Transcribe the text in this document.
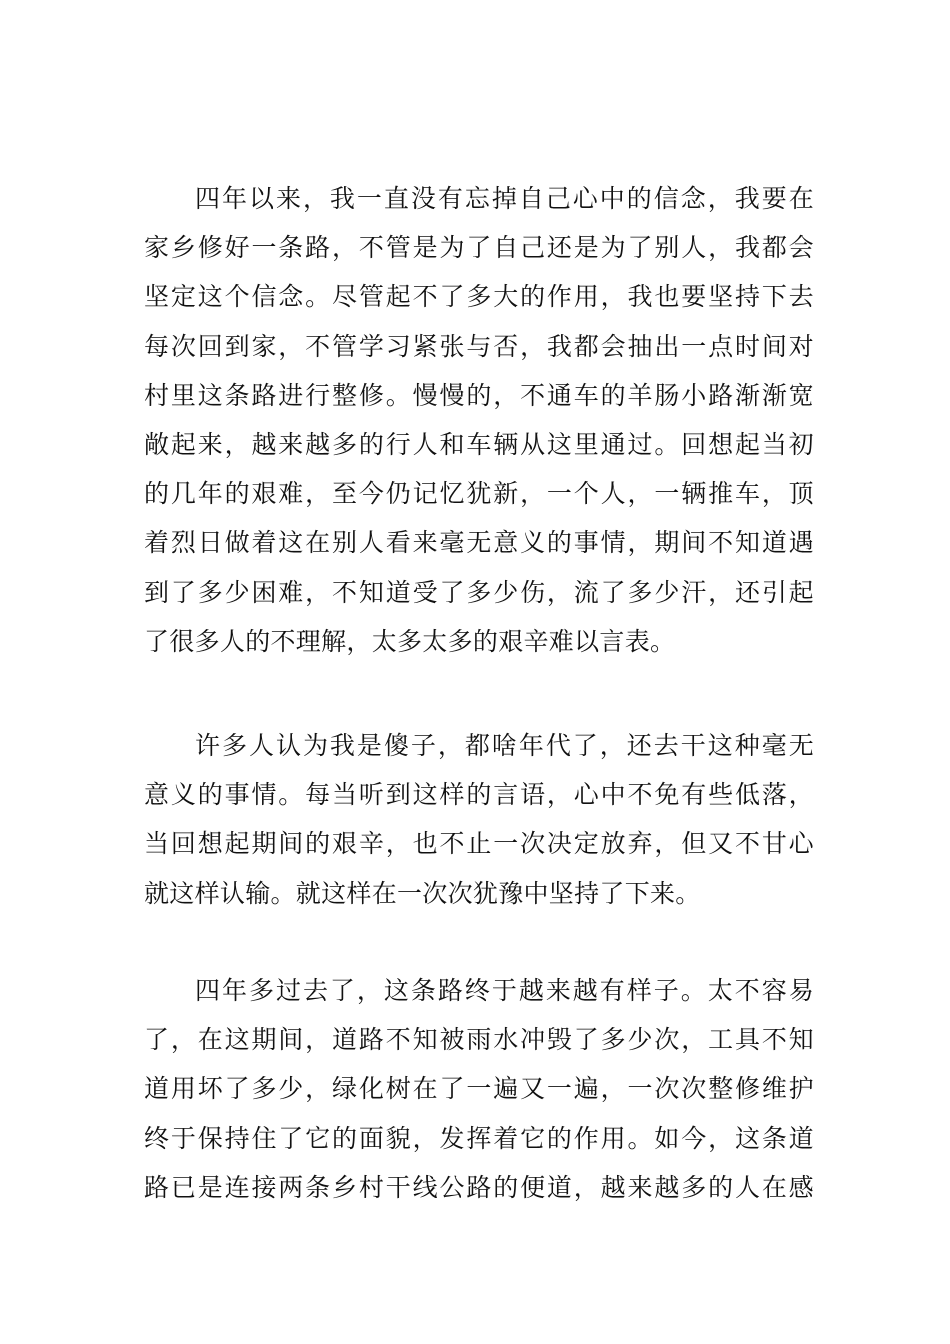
四年以来，我一直没有忘掉自己心中的信念，我要在
家乡修好一条路，不管是为了自己还是为了别人，我都会
坚定这个信念。尽管起不了多大的作用，我也要坚持下去
每次回到家，不管学习紧张与否，我都会抽出一点时间对
村里这条路进行整修。慢慢的，不通车的羊肠小路渐渐宽
敞起来，越来越多的行人和车辆从这里通过。回想起当初
的几年的艰难，至今仍记忆犹新，一个人，一辆推车，顶
着烈日做着这在别人看来毫无意义的事情，期间不知道遇
到了多少困难，不知道受了多少伤，流了多少汗，还引起
了很多人的不理解，太多太多的艰辛难以言表。
许多人认为我是傻子，都啥年代了，还去干这种毫无
意义的事情。每当听到这样的言语，心中不免有些低落，
当回想起期间的艰辛，也不止一次决定放弃，但又不甘心
就这样认输。就这样在一次次犹豫中坚持了下来。
四年多过去了，这条路终于越来越有样子。太不容易
了，在这期间，道路不知被雨水冲毁了多少次，工具不知
道用坏了多少，绿化树在了一遍又一遍，一次次整修维护
终于保持住了它的面貌，发挥着它的作用。如今，这条道
路已是连接两条乡村干线公路的便道，越来越多的人在感
